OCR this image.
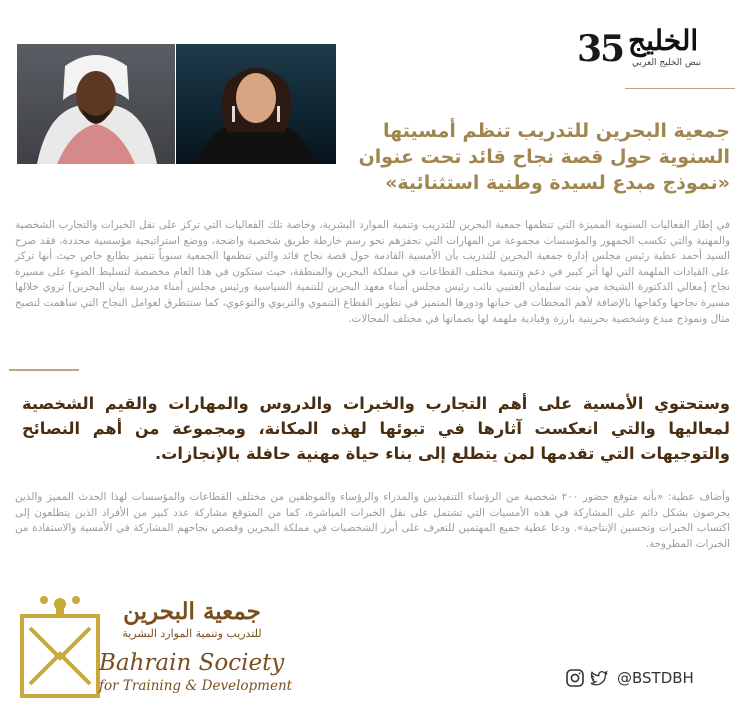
35 الخليج
نبض الخليج العربي
جمعية البحرين للتدريب تنظم أمسيتها السنوية حول قصة نجاح قائد تحت عنوان «نموذج مبدع لسيدة وطنية استثنائية»
في إطار الفعاليات السنوية المميزة التي تنظمها جمعية البحرين للتدريب وتنمية الموارد البشرية، وخاصة تلك الفعاليات التي تركز على نقل الخبرات والتجارب الشخصية والمهنية والتي تكسب الجمهور والمؤسسات مجموعة من المهارات التي تحفزهم نحو رسم خارطة طريق شخصية واضحة، ووضع استراتيجية مؤسسية محددة، فقد صرح السيد أحمد عطية رئيس مجلس إدارة جمعية البحرين للتدريب بأن الأمسية القادمة حول قصة نجاح قائد والتي تنظمها الجمعية سنوياً تتميز بطابع خاص حيث أنها تركز على القيادات الملهمة التي لها أثر كبير في دعم وتنمية مختلف القطاعات في مملكة البحرين والمنطقة، حيث ستكون في هذا العام مخصصة لتسليط الضوء على مسيرة نجاح [معالي الدكتورة الشيخة مي بنت سليمان العتيبي نائب رئيس مجلس أمناء معهد البحرين للتنمية السياسية ورئيس مجلس أمناء مدرسة بيان البحرين] تروي خلالها مسيرة نجاحها وكفاحها بالإضافة لأهم المحطات في حياتها ودورها المتميز في تطوير القطاع التنموي والتربوي والتوعوي، كما ستتطرق لعوامل النجاح التي ساهمت لتصبح مثال ونموذج مبدع وشخصية بحرينية بارزة وقيادية ملهمة لها بصماتها في مختلف المجالات.
وستحتوي الأمسية على أهم التجارب والخبرات والدروس والمهارات والقيم الشخصية لمعاليها والتي انعكست آثارها في تبوئها لهذه المكانة، ومجموعة من أهم النصائح والتوجيهات التي تقدمها لمن يتطلع إلى بناء حياة مهنية حافلة بالإنجازات.
وأضاف عطية: «بأنه متوقع حضور ٢٠٠ شخصية من الرؤساء التنفيذيين والمدراء والرؤساء والموظفين من مختلف القطاعات والمؤسسات لهذا الحدث المميز والذين يحرصون بشكل دائم على المشاركة في هذه الأمسيات التي تشتمل على نقل الخبرات المباشرة، كما من المتوقع مشاركة عدد كبير من الأفراد الذين يتطلعون إلى اكتساب الخبرات وتحسين الإنتاجية». ودعا عطية جميع المهتمين للتعرف على أبرز الشخصيات في مملكة البحرين وقصص نجاحهم المشاركة في الأمسية والاستفادة من الخبرات المطروحة.
جمعية البحرين
للتدريب وتنمية الموارد البشرية
Bahrain Society
for Training & Development	@BSTDBH
